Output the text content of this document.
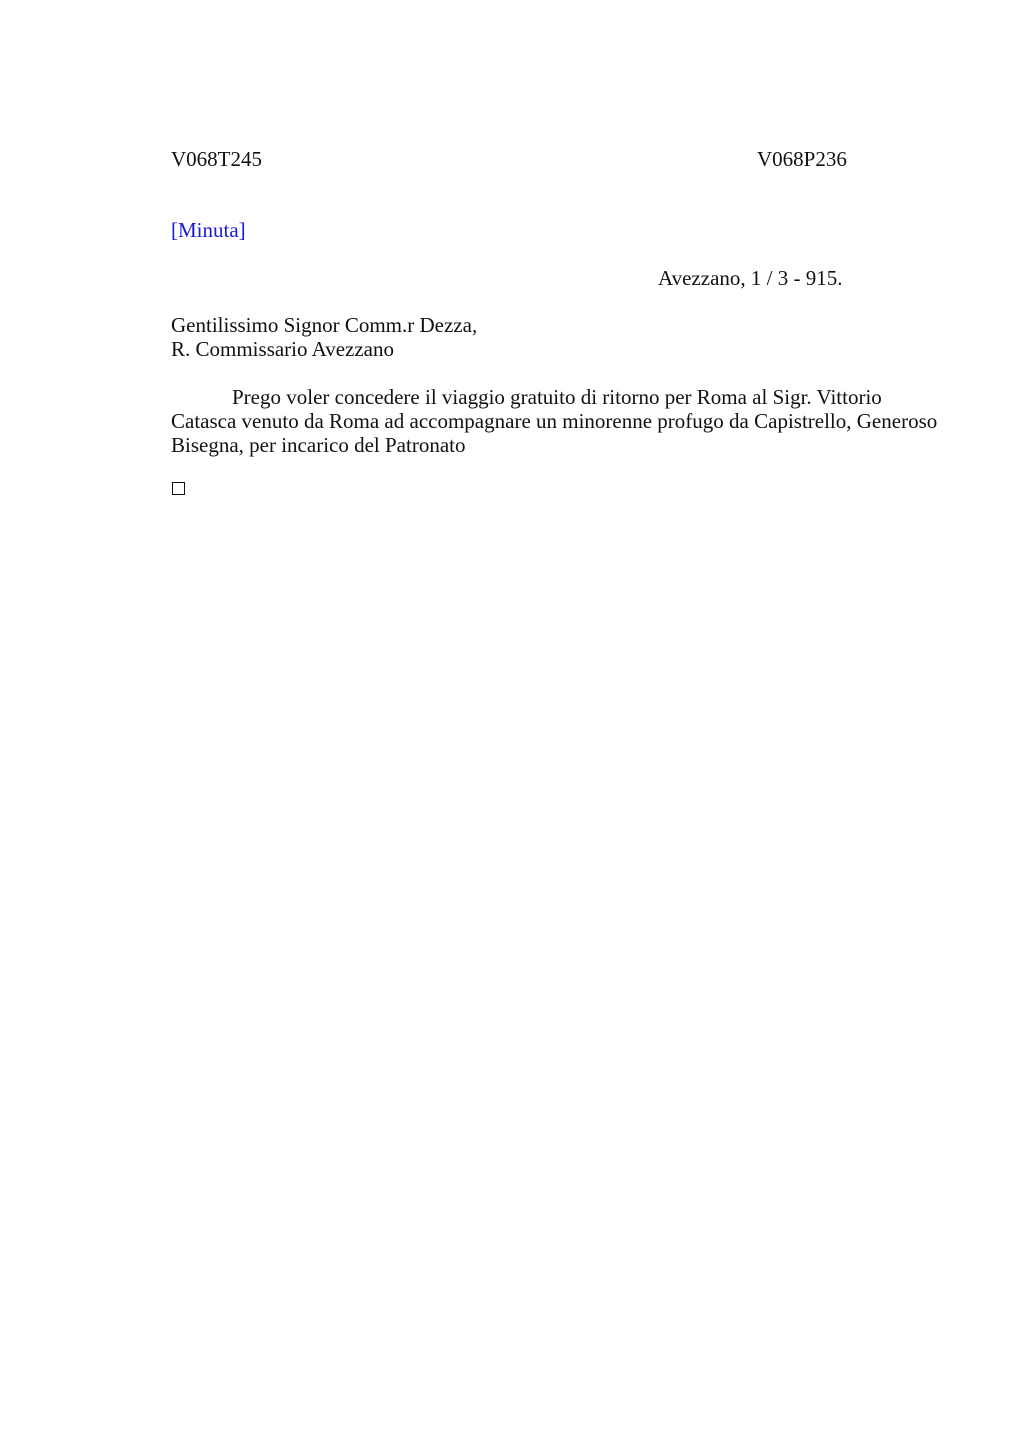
V068T245	V068P236
[Minuta]
Avezzano, 1 / 3 - 915.
Gentilissimo Signor Comm.r Dezza,
R. Commissario Avezzano
Prego voler concedere il viaggio gratuito di ritorno per Roma al Sigr. Vittorio Catasca venuto da Roma ad accompagnare un minorenne profugo da Capistrello, Generoso Bisegna, per incarico del Patronato
